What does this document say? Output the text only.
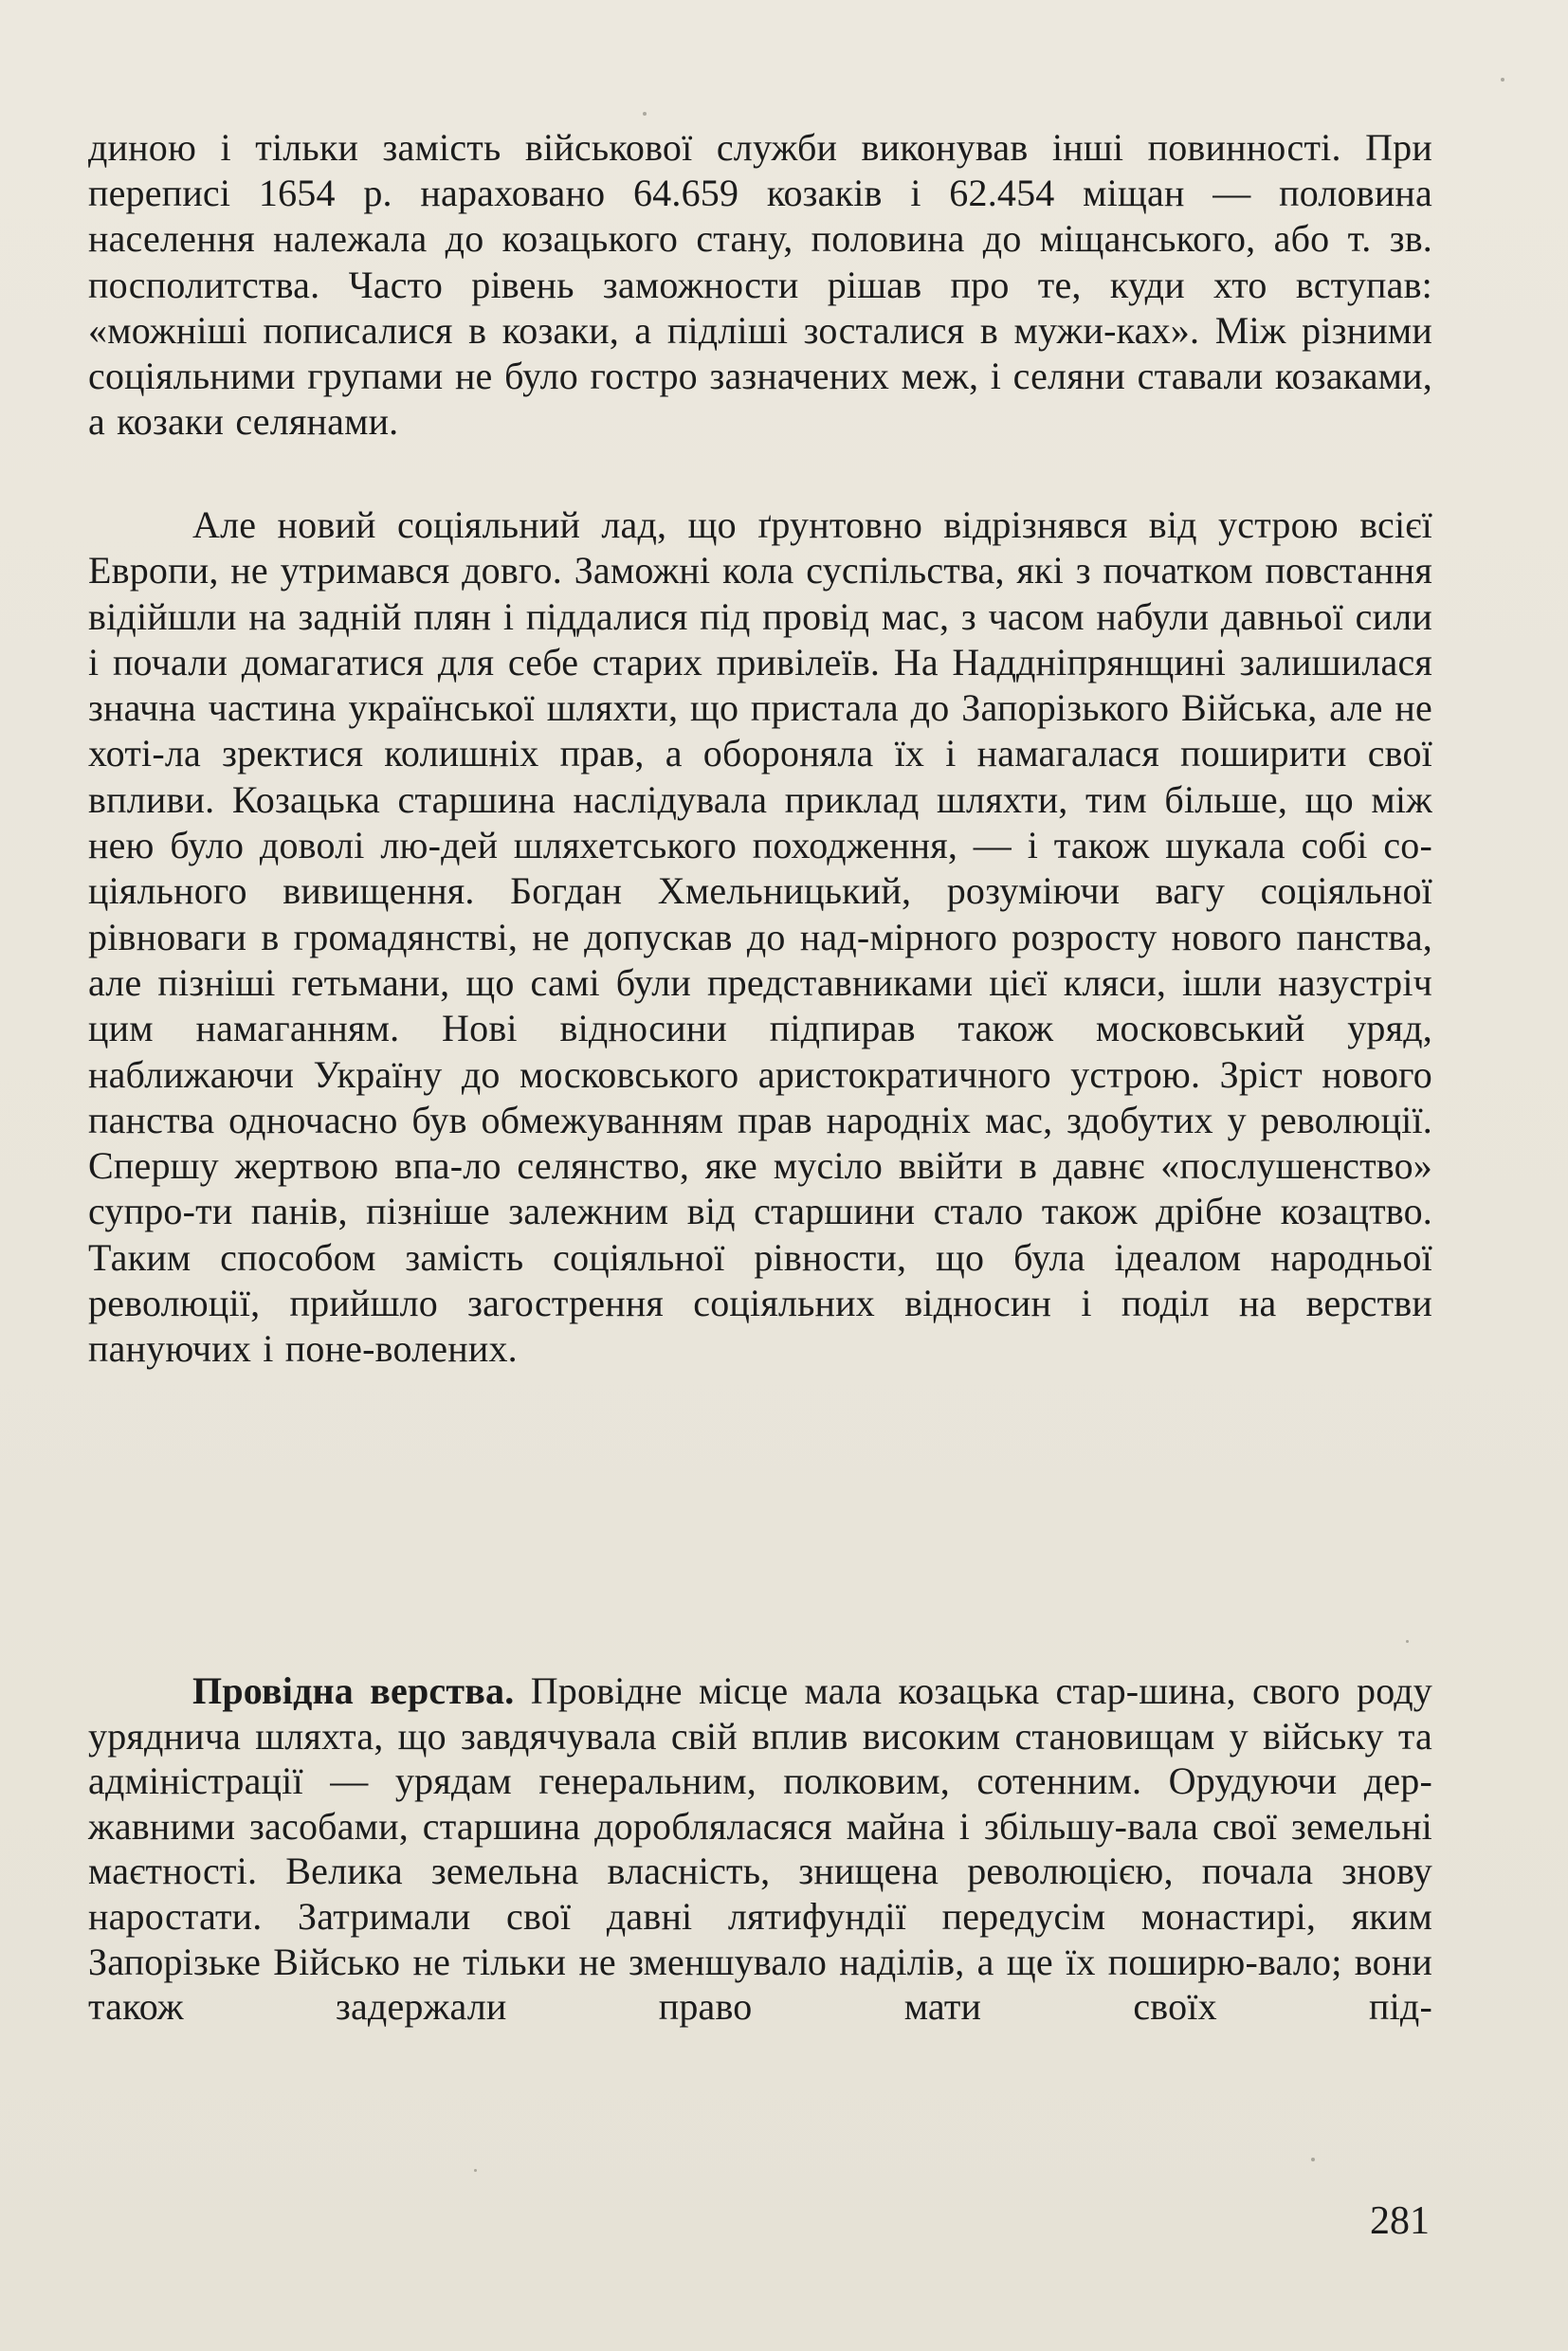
диною і тільки замість військової служби виконував інші повинності. При переписі 1654 р. нараховано 64.659 козаків і 62.454 міщан — половина населення належала до козацького стану, половина до міщанського, або т. зв. посполитства. Часто рівень заможности рішав про те, куди хто вступав: «можніші пописалися в козаки, а підліші зосталися в мужи-ках». Між різними соціяльними групами не було гостро зазначених меж, і селяни ставали козаками, а козаки селянами.
Але новий соціяльний лад, що ґрунтовно відрізнявся від устрою всієї Европи, не утримався довго. Заможні кола суспільства, які з початком повстання відійшли на задній плян і піддалися під провід мас, з часом набули давньої сили і почали домагатися для себе старих привілеїв. На Наддніпрянщині залишилася значна частина української шляхти, що пристала до Запорізького Війська, але не хоті-ла зректися колишніх прав, а обороняла їх і намагалася поширити свої впливи. Козацька старшина наслідувала приклад шляхти, тим більше, що між нею було доволі лю-дей шляхетського походження, — і також шукала собі со-ціяльного вивищення. Богдан Хмельницький, розуміючи вагу соціяльної рівноваги в громадянстві, не допускав до над-мірного розросту нового панства, але пізніші гетьмани, що самі були представниками цієї кляси, ішли назустріч цим намаганням. Нові відносини підпирав також московський уряд, наближаючи Україну до московського аристократичного устрою. Зріст нового панства одночасно був обмежуванням прав народніх мас, здобутих у революції. Спершу жертвою впа-ло селянство, яке мусіло ввійти в давнє «послушенство» супро-ти панів, пізніше залежним від старшини стало також дрібне козацтво. Таким способом замість соціяльної рівности, що була ідеалом народньої революції, прийшло загострення соціяльних відносин і поділ на верстви пануючих і поне-волених.
Провідна верства. Провідне місце мала козацька стар-шина, свого роду уряднича шляхта, що завдячувала свій вплив високим становищам у війську та адміністрації — урядам генеральним, полковим, сотенним. Орудуючи дер-жавними засобами, старшина доробляласяся майна і збільшу-вала свої земельні маєтності. Велика земельна власність, знищена революцією, почала знову наростати. Затримали свої давні лятифундії передусім монастирі, яким Запорізьке Військо не тільки не зменшувало наділів, а ще їх поширю-вало; вони також задержали право мати своїх під-
281
